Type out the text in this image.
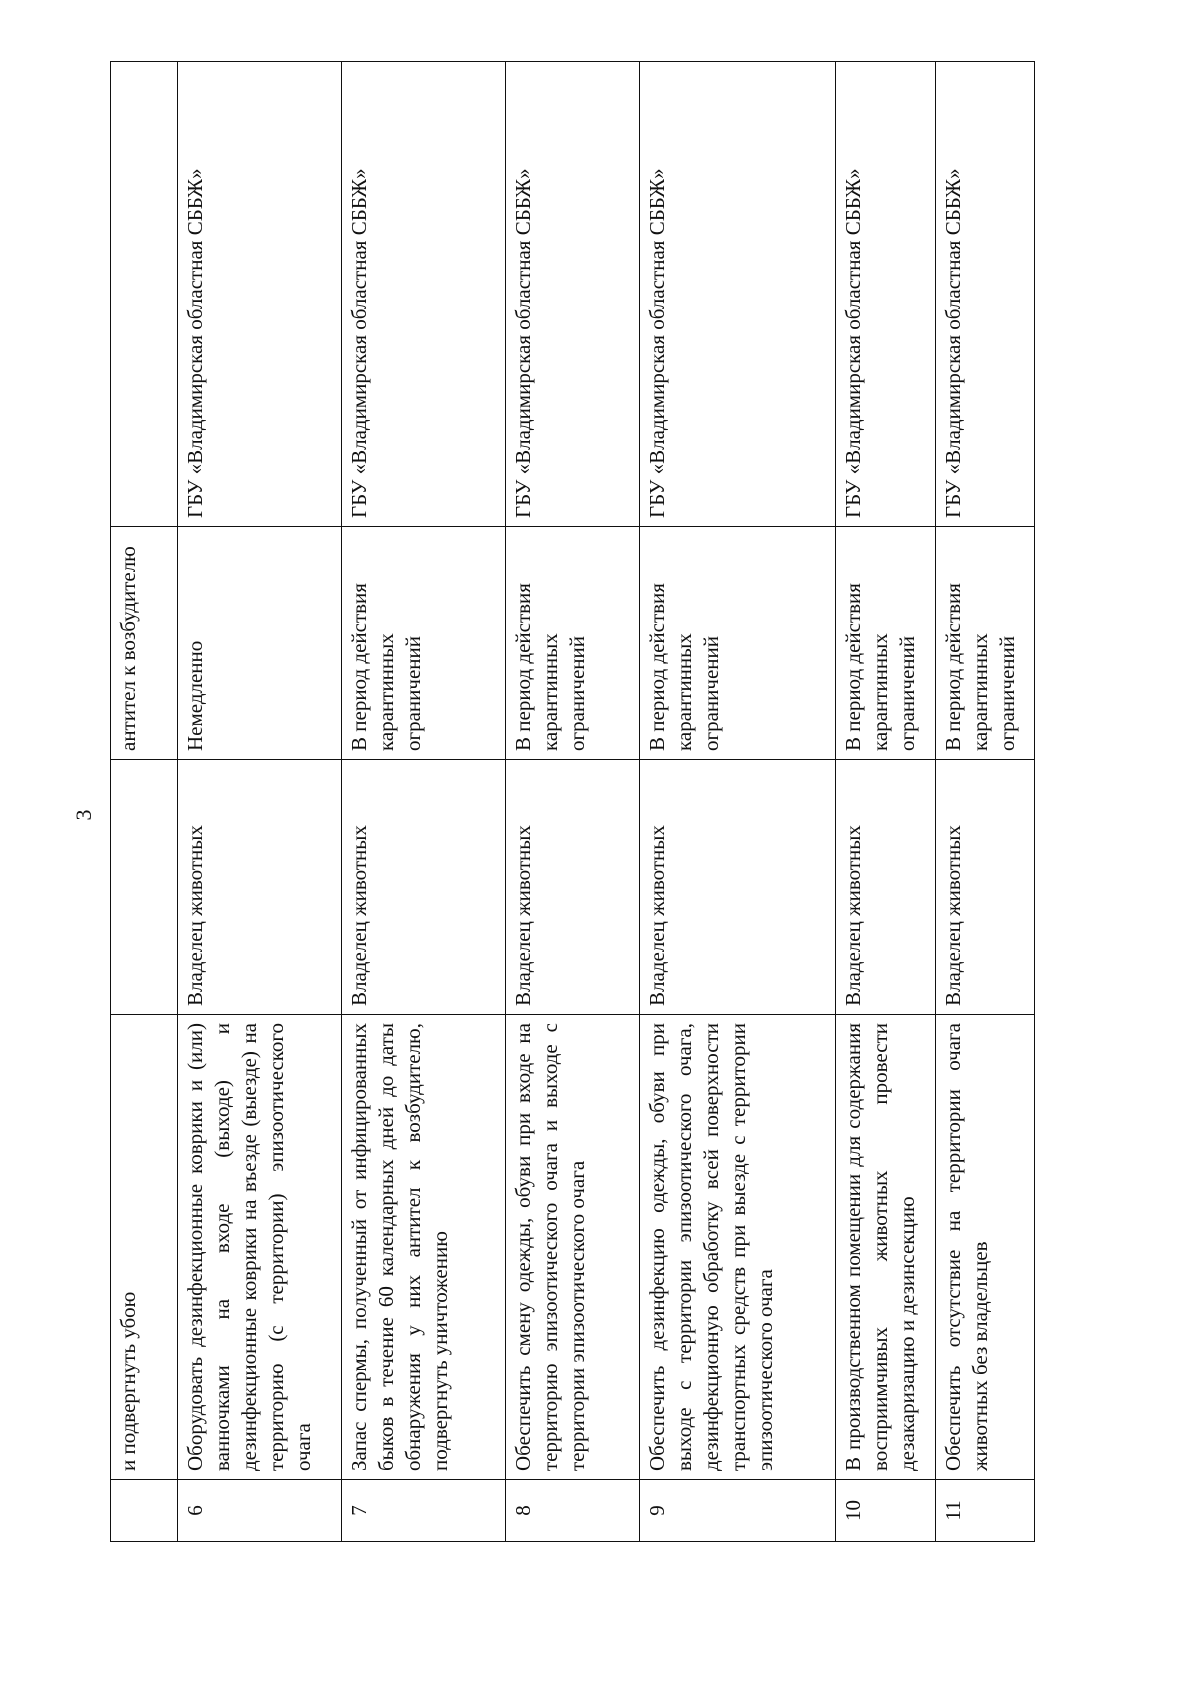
3
	и подвергнуть убою		антител к возбудителю	
6	Оборудовать дезинфекционные коврики и (или) ванночками на входе (выходе) и дезинфекционные коврики на въезде (выезде) на территорию (с территории) эпизоотического очага	Владелец животных	Немедленно	ГБУ «Владимирская областная СББЖ»
7	Запас спермы, полученный от инфицированных быков в течение 60 календарных дней до даты обнаружения у них антител к возбудителю, подвергнуть уничтожению	Владелец животных	В период действия карантинных ограничений	ГБУ «Владимирская областная СББЖ»
8	Обеспечить смену одежды, обуви при входе на территорию эпизоотического очага и выходе с территории эпизоотического очага	Владелец животных	В период действия карантинных ограничений	ГБУ «Владимирская областная СББЖ»
9	Обеспечить дезинфекцию одежды, обуви при выходе с территории эпизоотического очага, дезинфекционную обработку всей поверхности транспортных средств при выезде с территории эпизоотического очага	Владелец животных	В период действия карантинных ограничений	ГБУ «Владимирская областная СББЖ»
10	В производственном помещении для содержания восприимчивых животных провести дезакаризацию и дезинсекцию	Владелец животных	В период действия карантинных ограничений	ГБУ «Владимирская областная СББЖ»
11	Обеспечить отсутствие на территории очага животных без владельцев	Владелец животных	В период действия карантинных ограничений	ГБУ «Владимирская областная СББЖ»
